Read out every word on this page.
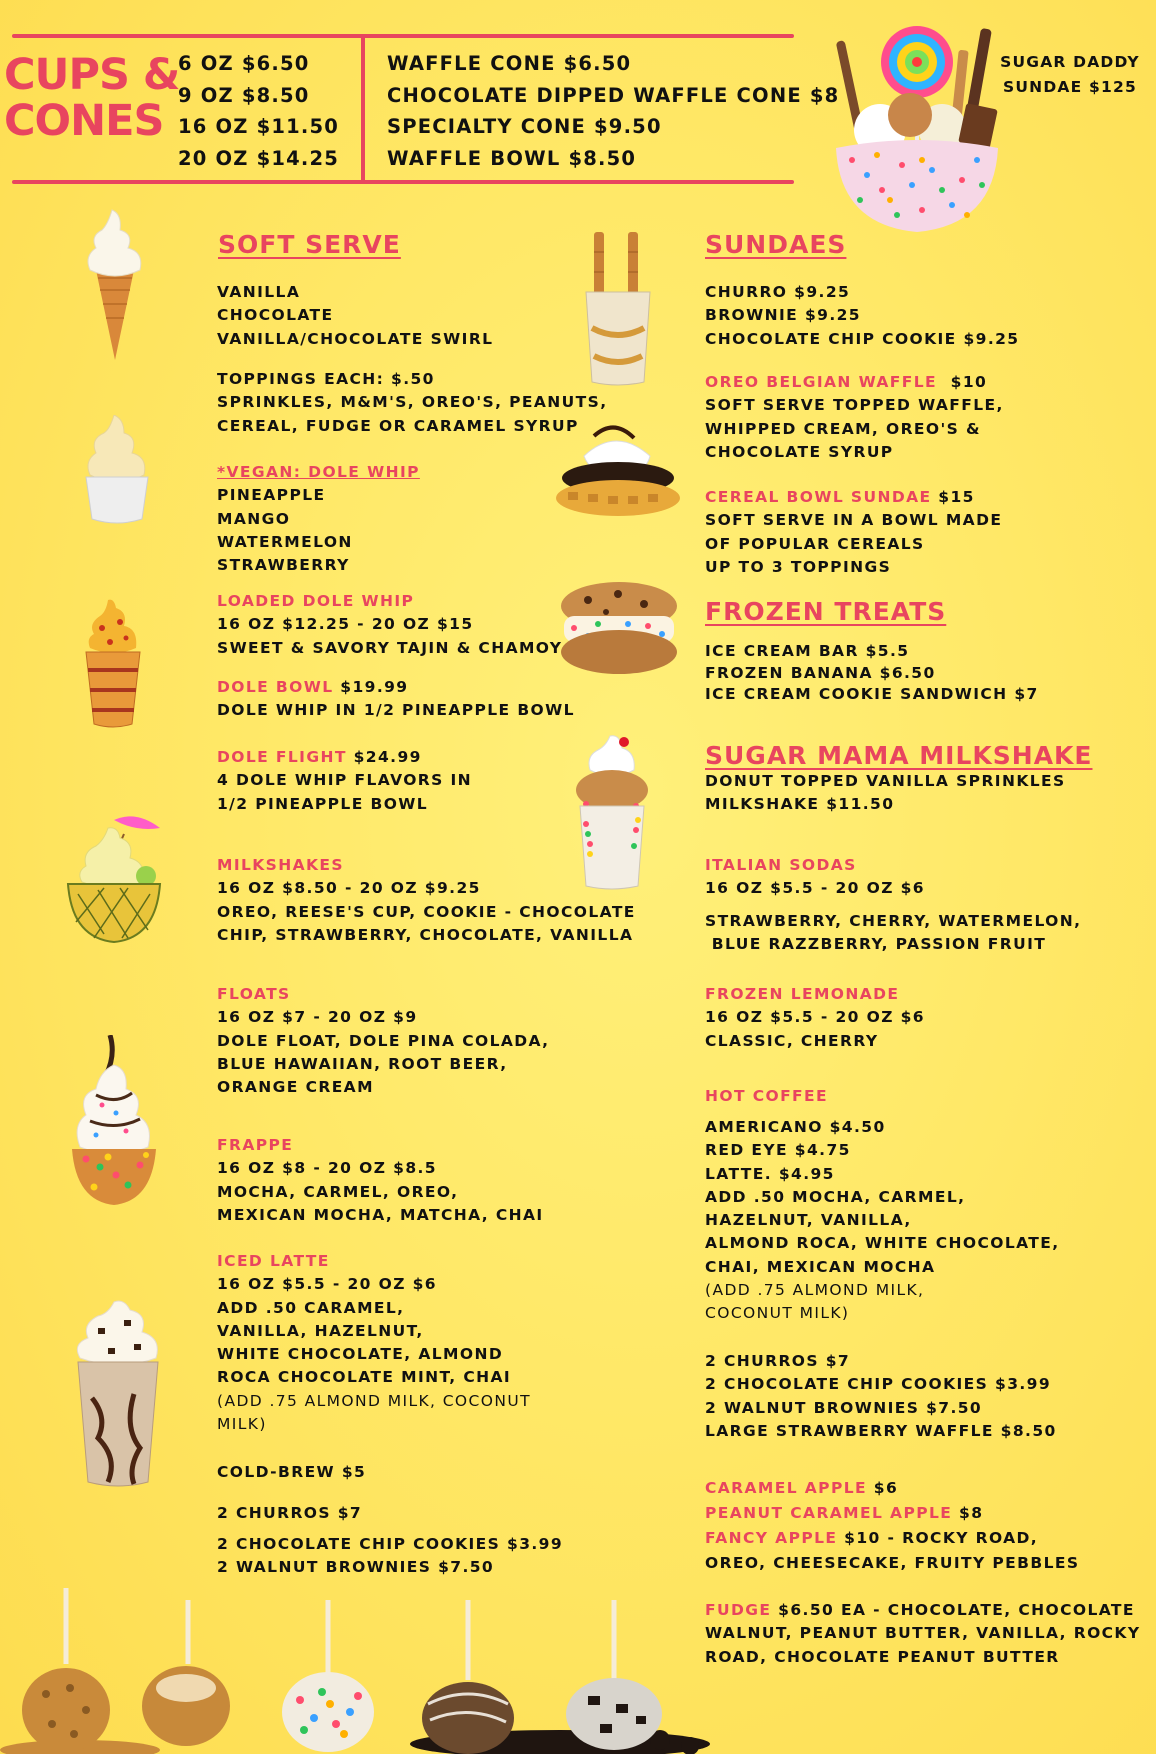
CUPS &
CONES
6 OZ $6.50
9 OZ $8.50
16 OZ $11.50
20 OZ $14.25
WAFFLE CONE $6.50
CHOCOLATE DIPPED WAFFLE CONE $8
SPECIALTY CONE $9.50
WAFFLE BOWL $8.50
SUGAR DADDY
SUNDAE $125
SOFT SERVE
VANILLA
CHOCOLATE
VANILLA/CHOCOLATE SWIRL
TOPPINGS EACH: $.50
SPRINKLES, M&M'S, OREO'S, PEANUTS,
CEREAL, FUDGE OR CARAMEL SYRUP
*VEGAN: DOLE WHIP
PINEAPPLE
MANGO
WATERMELON
STRAWBERRY
LOADED DOLE WHIP
16 OZ $12.25 - 20 OZ $15
SWEET & SAVORY TAJIN & CHAMOY
DOLE BOWL $19.99
DOLE WHIP IN 1/2 PINEAPPLE BOWL
DOLE FLIGHT $24.99
4 DOLE WHIP FLAVORS IN
1/2 PINEAPPLE BOWL
MILKSHAKES
16 OZ $8.50 - 20 OZ $9.25
OREO, REESE'S CUP, COOKIE - CHOCOLATE
CHIP, STRAWBERRY, CHOCOLATE, VANILLA
FLOATS
16 OZ $7 - 20 OZ $9
DOLE FLOAT, DOLE PINA COLADA,
BLUE HAWAIIAN, ROOT BEER,
ORANGE CREAM
FRAPPE
16 OZ $8 - 20 OZ $8.5
MOCHA, CARMEL, OREO,
MEXICAN MOCHA, MATCHA, CHAI
ICED LATTE
16 OZ $5.5 - 20 OZ $6
ADD .50 CARAMEL,
VANILLA, HAZELNUT,
WHITE CHOCOLATE, ALMOND
ROCA CHOCOLATE MINT, CHAI
(ADD .75 ALMOND MILK, COCONUT
MILK)
COLD-BREW $5
2 CHURROS $7
2 CHOCOLATE CHIP COOKIES $3.99
2 WALNUT BROWNIES $7.50
SUNDAES
CHURRO $9.25
BROWNIE $9.25
CHOCOLATE CHIP COOKIE $9.25
OREO BELGIAN WAFFLE  $10
SOFT SERVE TOPPED WAFFLE,
WHIPPED CREAM, OREO'S &
CHOCOLATE SYRUP
CEREAL BOWL SUNDAE $15
SOFT SERVE IN A BOWL MADE
OF POPULAR CEREALS
UP TO 3 TOPPINGS
FROZEN TREATS
ICE CREAM BAR $5.5
FROZEN BANANA $6.50
ICE CREAM COOKIE SANDWICH $7
SUGAR MAMA MILKSHAKE
DONUT TOPPED VANILLA SPRINKLES
MILKSHAKE $11.50
ITALIAN SODAS
16 OZ $5.5 - 20 OZ $6
STRAWBERRY, CHERRY, WATERMELON,
BLUE RAZZBERRY, PASSION FRUIT
FROZEN LEMONADE
16 OZ $5.5 - 20 OZ $6
CLASSIC, CHERRY
HOT COFFEE
AMERICANO $4.50
RED EYE $4.75
LATTE. $4.95
ADD .50 MOCHA, CARMEL,
HAZELNUT, VANILLA,
ALMOND ROCA, WHITE CHOCOLATE,
CHAI, MEXICAN MOCHA
(ADD .75 ALMOND MILK,
COCONUT MILK)
2 CHURROS $7
2 CHOCOLATE CHIP COOKIES $3.99
2 WALNUT BROWNIES $7.50
LARGE STRAWBERRY WAFFLE $8.50
CARAMEL APPLE $6
PEANUT CARAMEL APPLE $8
FANCY APPLE $10 - ROCKY ROAD,
OREO, CHEESECAKE, FRUITY PEBBLES
FUDGE $6.50 EA - CHOCOLATE, CHOCOLATE
WALNUT, PEANUT BUTTER, VANILLA, ROCKY
ROAD, CHOCOLATE PEANUT BUTTER
